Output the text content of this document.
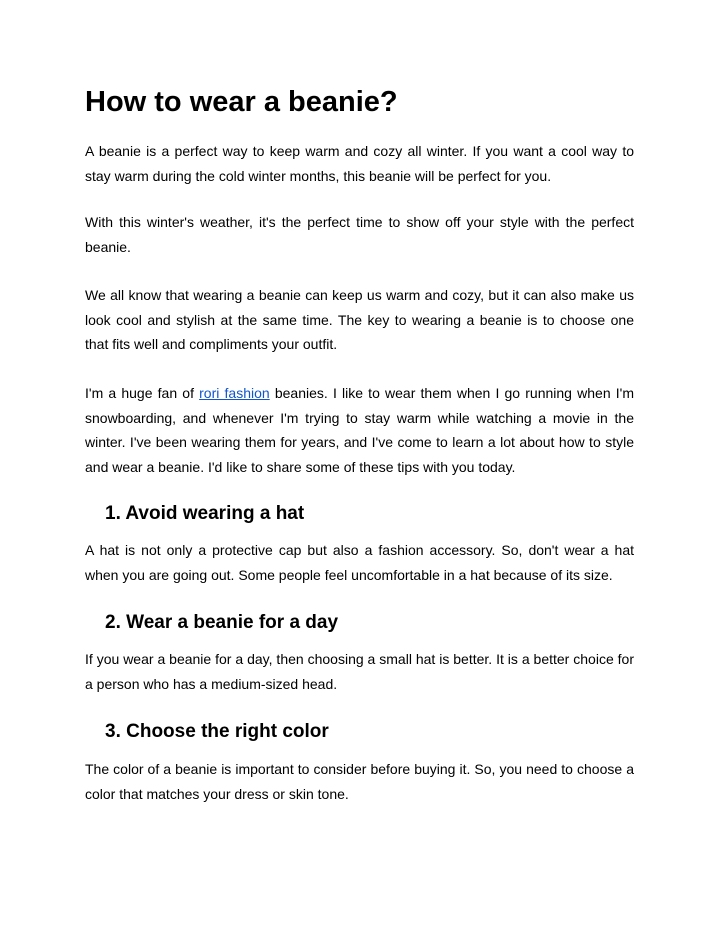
How to wear a beanie?

A beanie is a perfect way to keep warm and cozy all winter. If you want a cool way to stay warm during the cold winter months, this beanie will be perfect for you.

With this winter's weather, it's the perfect time to show off your style with the perfect beanie.

We all know that wearing a beanie can keep us warm and cozy, but it can also make us look cool and stylish at the same time. The key to wearing a beanie is to choose one that fits well and compliments your outfit.

I'm a huge fan of rori fashion beanies. I like to wear them when I go running when I'm snowboarding, and whenever I'm trying to stay warm while watching a movie in the winter. I've been wearing them for years, and I've come to learn a lot about how to style and wear a beanie. I'd like to share some of these tips with you today.

1. Avoid wearing a hat

A hat is not only a protective cap but also a fashion accessory. So, don't wear a hat when you are going out. Some people feel uncomfortable in a hat because of its size.

2. Wear a beanie for a day

If you wear a beanie for a day, then choosing a small hat is better. It is a better choice for a person who has a medium-sized head.

3. Choose the right color

The color of a beanie is important to consider before buying it. So, you need to choose a color that matches your dress or skin tone.
